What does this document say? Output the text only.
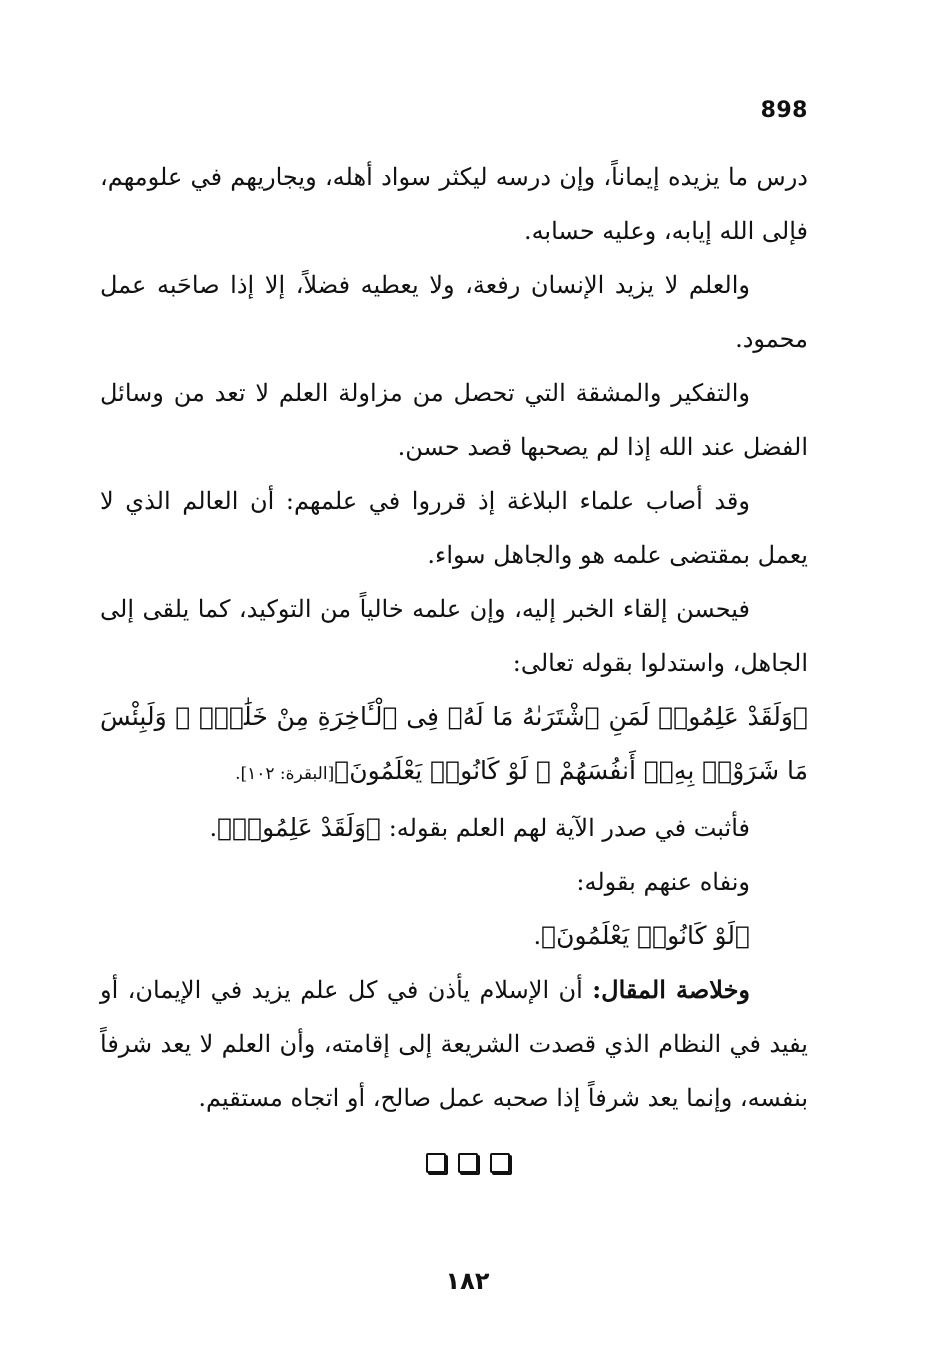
898

درس ما يزيده إيماناً، وإن درسه ليكثر سواد أهله، ويجاريهم في علومهم، فإلى الله إيابه، وعليه حسابه.

والعلم لا يزيد الإنسان رفعة، ولا يعطيه فضلاً، إلا إذا صاحَبه عمل محمود.

والتفكير والمشقة التي تحصل من مزاولة العلم لا تعد من وسائل الفضل عند الله إذا لم يصحبها قصد حسن.

وقد أصاب علماء البلاغة إذ قرروا في علمهم: أن العالم الذي لا يعمل بمقتضى علمه هو والجاهل سواء.

فيحسن إلقاء الخبر إليه، وإن علمه خالياً من التوكيد، كما يلقى إلى الجاهل، واستدلوا بقوله تعالى:

﴿وَلَقَدْ عَلِمُوا۟ لَمَنِ ٱشْتَرَىٰهُ مَا لَهُۥ فِى ٱلْـَٔاخِرَةِ مِنْ خَلَٰقٍۢ ۚ وَلَبِئْسَ مَا شَرَوْا۟ بِهِۦٓ أَنفُسَهُمْ ۚ لَوْ كَانُوا۟ يَعْلَمُونَ﴾[البقرة: ١٠٢].

فأثبت في صدر الآية لهم العلم بقوله: ﴿وَلَقَدْ عَلِمُوا۟﴾.

ونفاه عنهم بقوله:

﴿لَوْ كَانُوا۟ يَعْلَمُونَ﴾.

وخلاصة المقال: أن الإسلام يأذن في كل علم يزيد في الإيمان، أو يفيد في النظام الذي قصدت الشريعة إلى إقامته، وأن العلم لا يعد شرفاً بنفسه، وإنما يعد شرفاً إذا صحبه عمل صالح، أو اتجاه مستقيم.

١٨٢
